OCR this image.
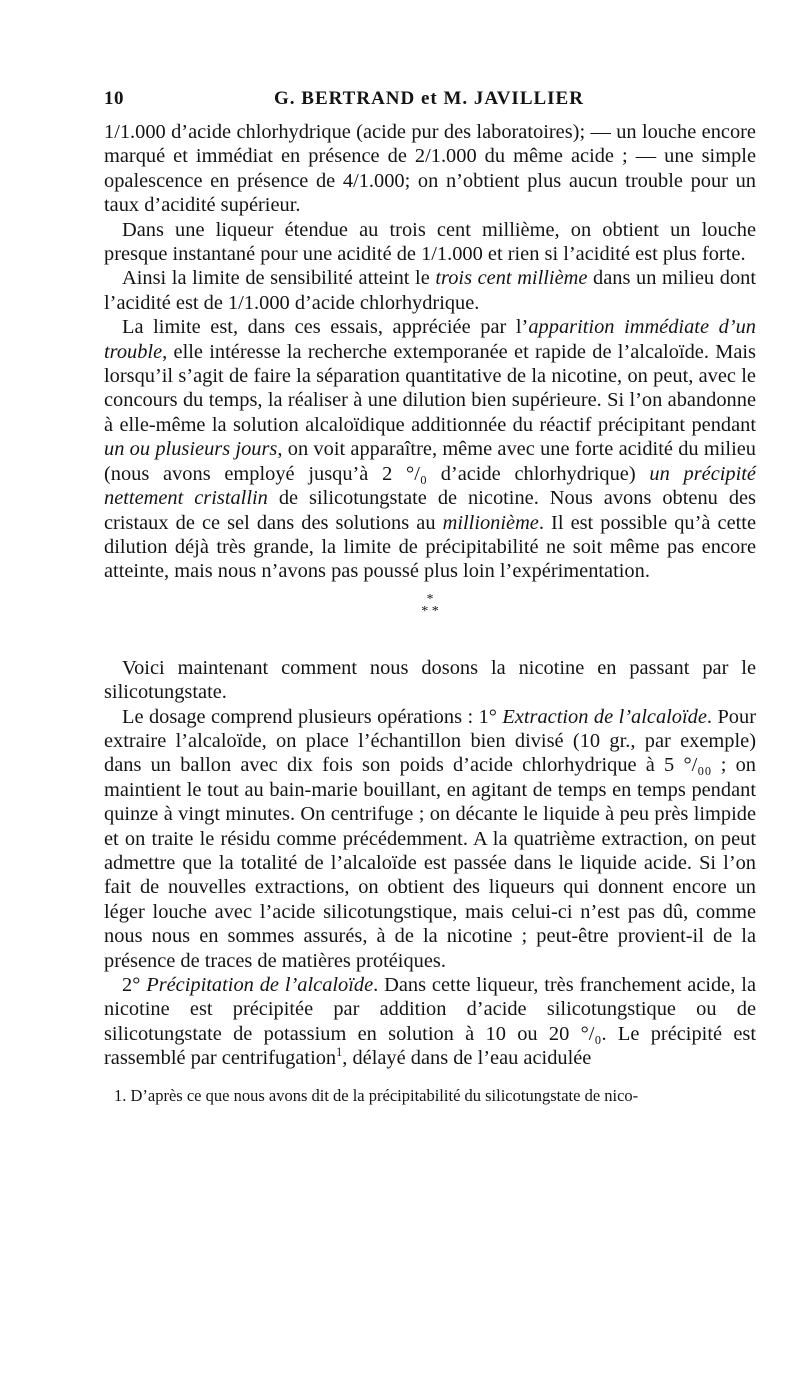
10	G. BERTRAND et M. JAVILLIER

1/1.000 d’acide chlorhydrique (acide pur des laboratoires); — un louche encore marqué et immédiat en présence de 2/1.000 du même acide ; — une simple opalescence en présence de 4/1.000; on n’obtient plus aucun trouble pour un taux d’acidité supérieur.

Dans une liqueur étendue au trois cent millième, on obtient un louche presque instantané pour une acidité de 1/1.000 et rien si l’acidité est plus forte.

Ainsi la limite de sensibilité atteint le trois cent millième dans un milieu dont l’acidité est de 1/1.000 d’acide chlorhydrique.

La limite est, dans ces essais, appréciée par l’apparition immédiate d’un trouble, elle intéresse la recherche extemporanée et rapide de l’alcaloïde. Mais lorsqu’il s’agit de faire la séparation quantitative de la nicotine, on peut, avec le concours du temps, la réaliser à une dilution bien supérieure. Si l’on abandonne à elle-même la solution alcaloïdique additionnée du réactif précipitant pendant un ou plusieurs jours, on voit apparaître, même avec une forte acidité du milieu (nous avons employé jusqu’à 2 °/₀ d’acide chlorhydrique) un précipité nettement cristallin de silicotungstate de nicotine. Nous avons obtenu des cristaux de ce sel dans des solutions au millionième. Il est possible qu’à cette dilution déjà très grande, la limite de précipitabilité ne soit même pas encore atteinte, mais nous n’avons pas poussé plus loin l’expérimentation.

*
* *

Voici maintenant comment nous dosons la nicotine en passant par le silicotungstate.

Le dosage comprend plusieurs opérations : 1° Extraction de l’alcaloïde. Pour extraire l’alcaloïde, on place l’échantillon bien divisé (10 gr., par exemple) dans un ballon avec dix fois son poids d’acide chlorhydrique à 5 °/₀₀ ; on maintient le tout au bain-marie bouillant, en agitant de temps en temps pendant quinze à vingt minutes. On centrifuge ; on décante le liquide à peu près limpide et on traite le résidu comme précédemment. A la quatrième extraction, on peut admettre que la totalité de l’alcaloïde est passée dans le liquide acide. Si l’on fait de nouvelles extractions, on obtient des liqueurs qui donnent encore un léger louche avec l’acide silicotungstique, mais celui-ci n’est pas dû, comme nous nous en sommes assurés, à de la nicotine ; peut-être provient-il de la présence de traces de matières protéiques.

2° Précipitation de l’alcaloïde. Dans cette liqueur, très franchement acide, la nicotine est précipitée par addition d’acide silicotungstique ou de silicotungstate de potassium en solution à 10 ou 20 °/₀. Le précipité est rassemblé par centrifugation$^1$, délayé dans de l’eau acidulée

1. D’après ce que nous avons dit de la précipitabilité du silicotungstate de nico-
